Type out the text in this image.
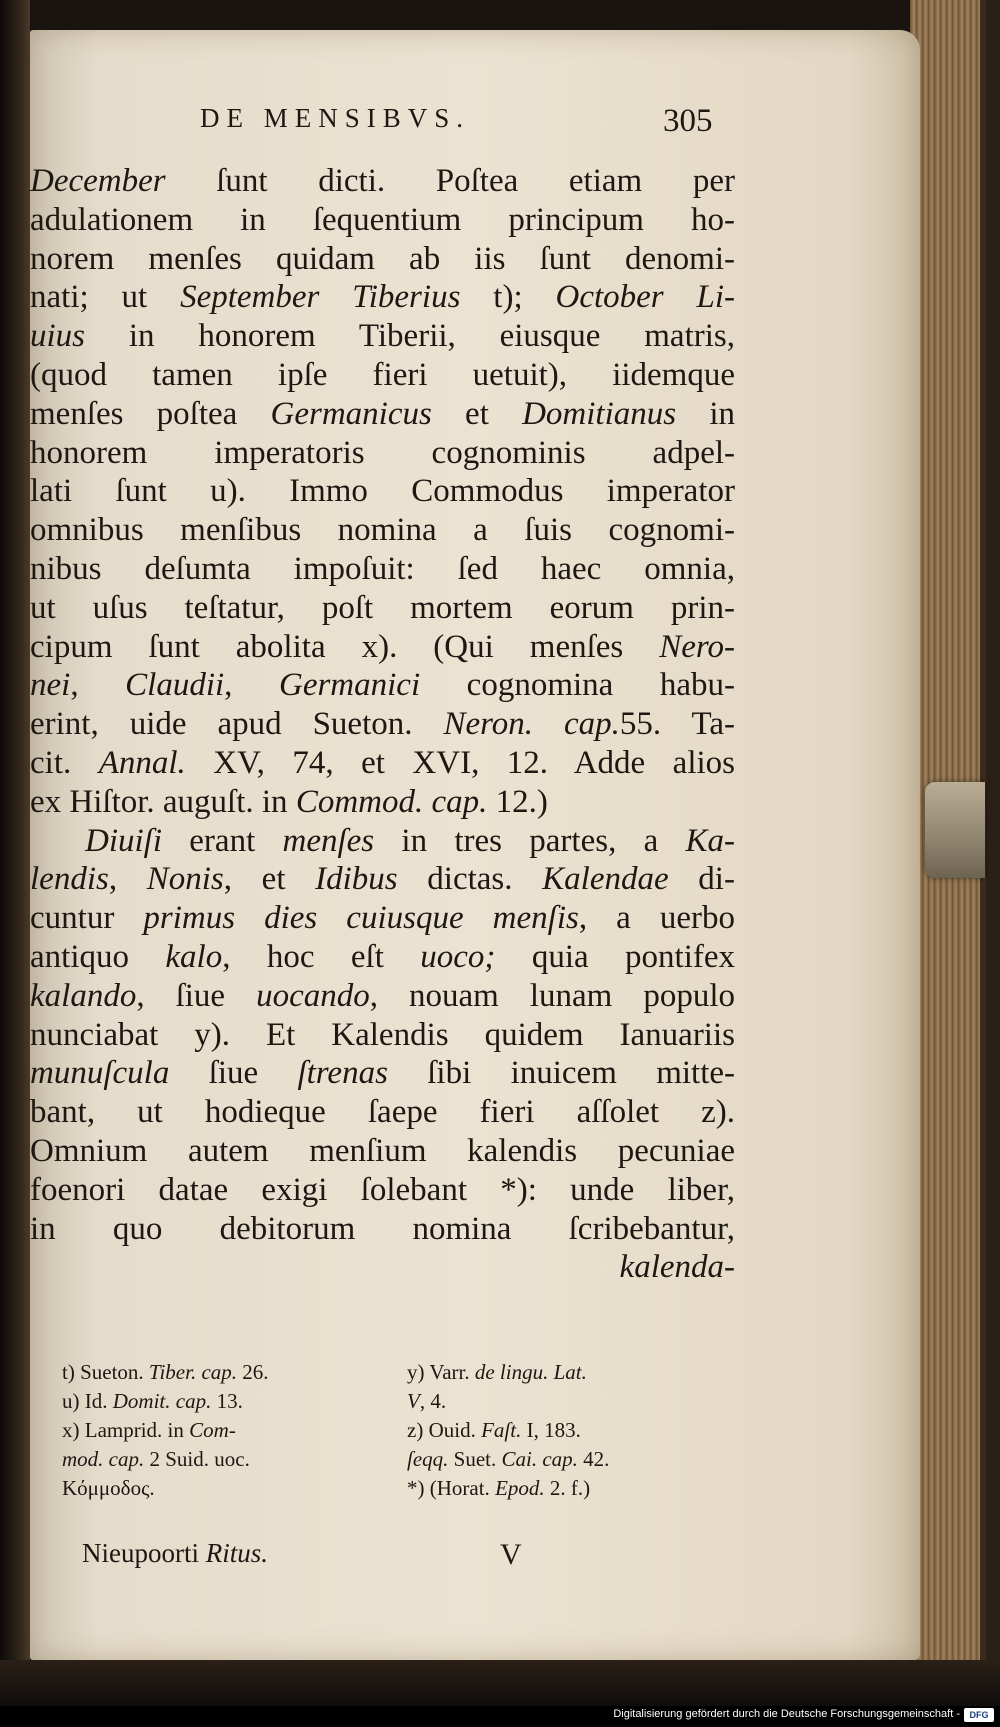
DE MENSIBVS.	305
December ſunt dicti. Poſtea etiam per
adulationem in ſequentium principum ho-
norem menſes quidam ab iis ſunt denomi-
nati; ut September Tiberius t); October Li-
uius in honorem Tiberii, eiusque matris,
(quod tamen ipſe fieri uetuit), iidemque
menſes poſtea Germanicus et Domitianus in
honorem imperatoris cognominis adpel-
lati ſunt u). Immo Commodus imperator
omnibus menſibus nomina a ſuis cognomi-
nibus deſumta impoſuit: ſed haec omnia,
ut uſus teſtatur, poſt mortem eorum prin-
cipum ſunt abolita x). (Qui menſes Nero-
nei, Claudii, Germanici cognomina habu-
erint, uide apud Sueton. Neron. cap.55. Ta-
cit. Annal. XV, 74, et XVI, 12. Adde alios
ex Hiſtor. auguſt. in Commod. cap. 12.)
Diuiſi erant menſes in tres partes, a Ka-
lendis, Nonis, et Idibus dictas. Kalendae di-
cuntur primus dies cuiusque menſis, a uerbo
antiquo kalo, hoc eſt uoco; quia pontifex
kalando, ſiue uocando, nouam lunam populo
nunciabat y). Et Kalendis quidem Ianuariis
munuſcula ſiue ſtrenas ſibi inuicem mitte-
bant, ut hodieque ſaepe fieri aſſolet z).
Omnium autem menſium kalendis pecuniae
foenori datae exigi ſolebant *): unde liber,
in quo debitorum nomina ſcribebantur,
kalenda-
t) Sueton. Tiber. cap. 26.
u) Id. Domit. cap. 13.
x) Lamprid. in Com-
mod. cap. 2 Suid. uoc.
Κόμμοδος.
y) Varr. de lingu. Lat.
V, 4.
z) Ouid. Faſt. I, 183.
ſeqq. Suet. Cai. cap. 42.
*) (Horat. Epod. 2. f.)
Nieupoorti Ritus.	V
Digitalisierung gefördert durch die Deutsche Forschungsgemeinschaft -	DFG
